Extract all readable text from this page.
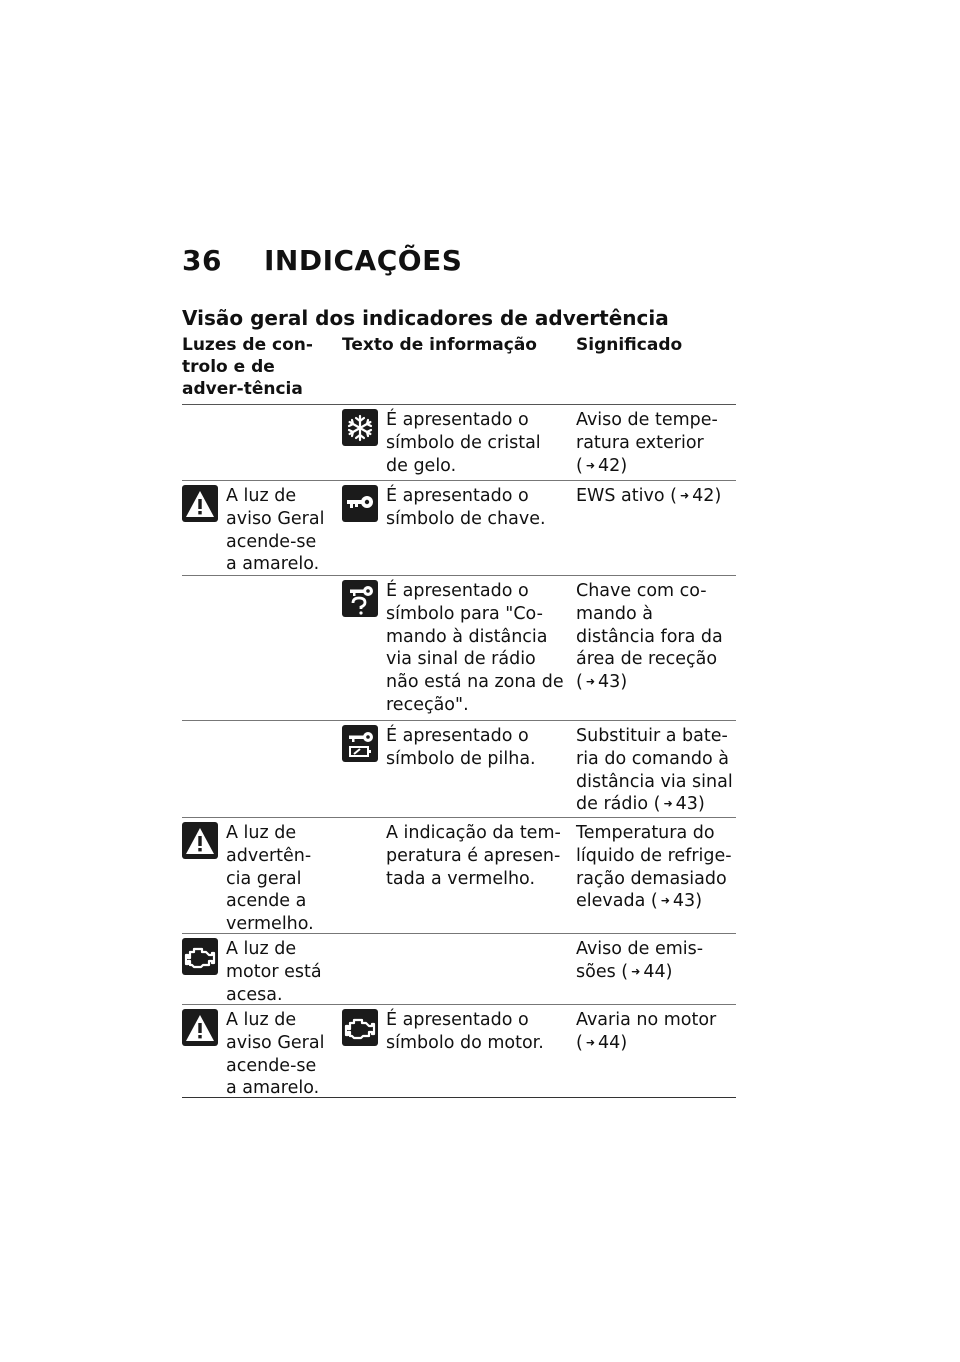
36 INDICAÇÕES
Visão geral dos indicadores de advertência
Luzes de con-trolo e de adver-tência
Texto de informação	Significado
É apresentado o símbolo de cristal de gelo.
Aviso de tempe-ratura exterior ( ➜ 42)
A luz de aviso Geral acende-se a amarelo.
É apresentado o símbolo de chave.
EWS ativo ( ➜ 42)
É apresentado o símbolo para "Co-mando à distância via sinal de rádio não está na zona de receção".
Chave com co-mando à distância fora da área de receção ( ➜ 43)
É apresentado o símbolo de pilha.
Substituir a bate-ria do comando à distância via sinal de rádio ( ➜ 43)
A luz de advertên-cia geral acende a vermelho.
A indicação da tem-peratura é apresen-tada a vermelho.
Temperatura do líquido de refrige-ração demasiado elevada ( ➜ 43)
A luz de motor está acesa.
Aviso de emis-sões ( ➜ 44)
A luz de aviso Geral acende-se a amarelo.
É apresentado o símbolo do motor.
Avaria no motor ( ➜ 44)
